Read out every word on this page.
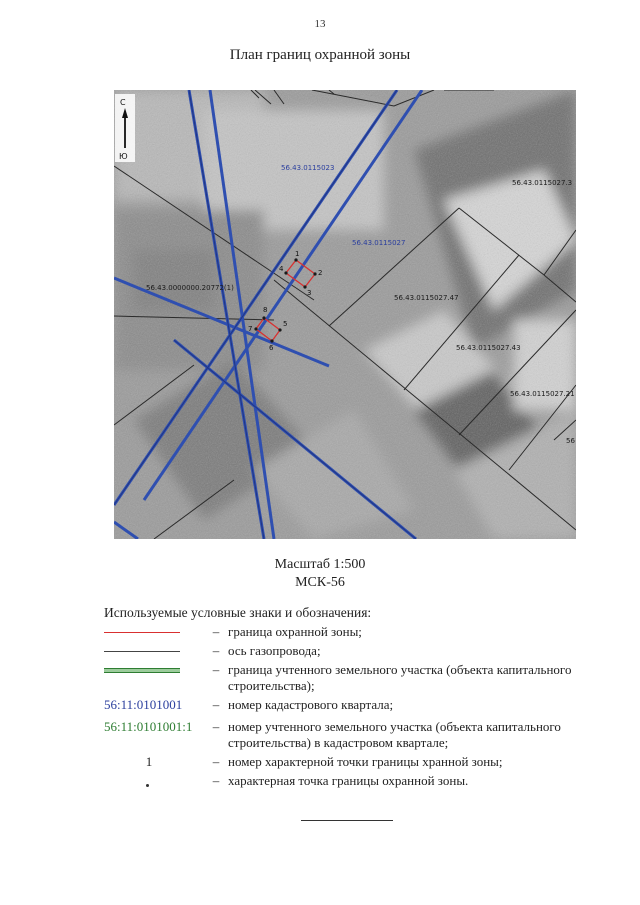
13
План границ охранной зоны
1
2
3
4
5
6
7
8
56.43.0115023
56.43.0115027
56.43.0000000.20772(1)
56.43.0115027.3
56.43.0115027.47
56.43.0115027.43
56.43.0115027.21
56
С
Ю
Масштаб 1:500
МСК-56
Используемые условные знаки и обозначения:
– граница охранной зоны;
– ось газопровода;
– граница учтенного земельного участка (объекта капитального строительства);
56:11:0101001	– номер кадастрового квартала;
56:11:0101001:1	– номер учтенного земельного участка (объекта капитального строительства) в кадастровом квартале;
1	– номер характерной точки границы хранной зоны;
– характерная точка границы охранной зоны.
